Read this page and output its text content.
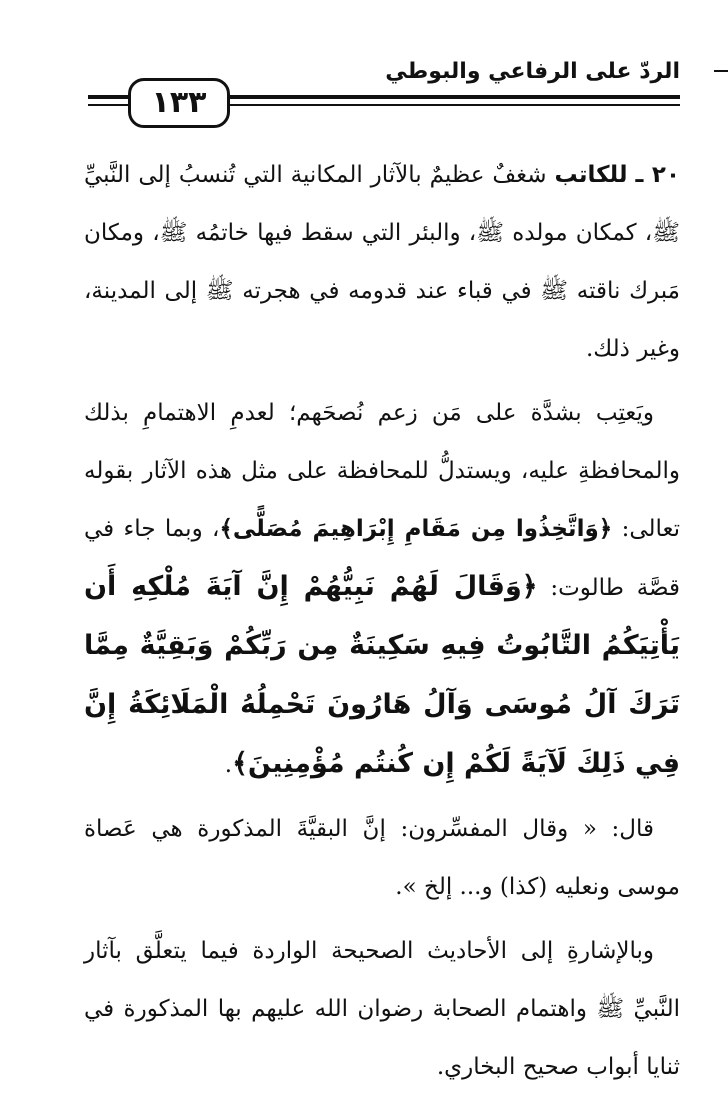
الردّ على الرفاعي والبوطي
١٣٣

٢٠ ـ للكاتب شغفٌ عظيمٌ بالآثار المكانية التي تُنسبُ إلى النَّبيِّ ﷺ، كمكان مولده ﷺ، والبئر التي سقط فيها خاتمُه ﷺ، ومكان مَبرك ناقته ﷺ في قباء عند قدومه في هجرته ﷺ إلى المدينة، وغير ذلك.

ويَعتِب بشدَّة على مَن زعم نُصحَهم؛ لعدمِ الاهتمامِ بذلك والمحافظةِ عليه، ويستدلُّ للمحافظة على مثل هذه الآثار بقوله تعالى: ﴿وَاتَّخِذُوا مِن مَقَامِ إِبْرَاهِيمَ مُصَلًّى﴾، وبما جاء في قصَّة طالوت: ﴿وَقَالَ لَهُمْ نَبِيُّهُمْ إِنَّ آيَةَ مُلْكِهِ أَن يَأْتِيَكُمُ التَّابُوتُ فِيهِ سَكِينَةٌ مِن رَبِّكُمْ وَبَقِيَّةٌ مِمَّا تَرَكَ آلُ مُوسَى وَآلُ هَارُونَ تَحْمِلُهُ الْمَلَائِكَةُ إِنَّ فِي ذَلِكَ لَآيَةً لَكُمْ إِن كُنتُم مُؤْمِنِينَ﴾.

قال: « وقال المفسِّرون: إنَّ البقيَّةَ المذكورة هي عَصاة موسى ونعليه (كذا) و... إلخ ».

وبالإشارةِ إلى الأحاديث الصحيحة الواردة فيما يتعلَّق بآثار النَّبيِّ ﷺ واهتمام الصحابة رضوان الله عليهم بها المذكورة في ثنايا أبواب صحيح البخاري.
